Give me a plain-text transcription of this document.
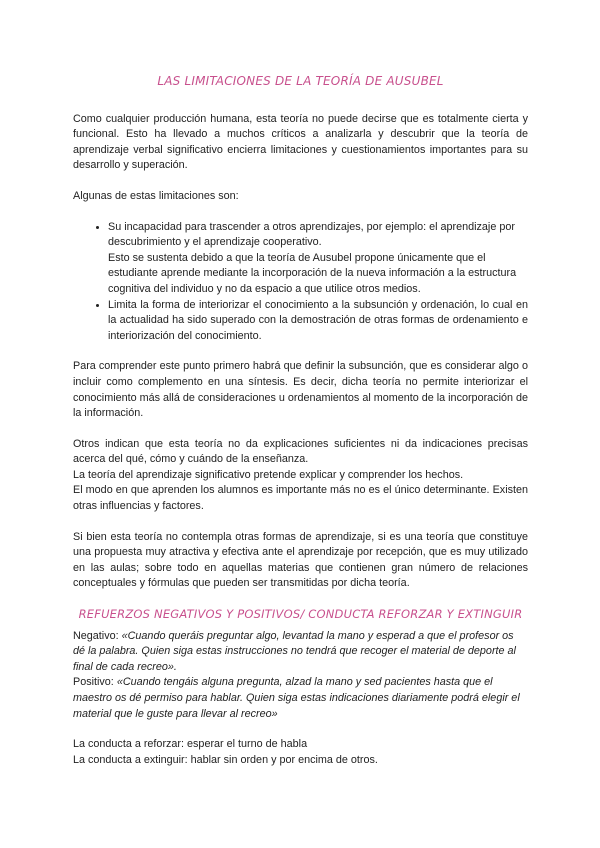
LAS LIMITACIONES DE LA TEORÍA DE AUSUBEL

Como cualquier producción humana, esta teoría no puede decirse que es totalmente cierta y funcional. Esto ha llevado a muchos críticos a analizarla y descubrir que la teoría de aprendizaje verbal significativo encierra limitaciones y cuestionamientos importantes para su desarrollo y superación.

Algunas de estas limitaciones son:

• Su incapacidad para trascender a otros aprendizajes, por ejemplo: el aprendizaje por descubrimiento y el aprendizaje cooperativo.
Esto se sustenta debido a que la teoría de Ausubel propone únicamente que el estudiante aprende mediante la incorporación de la nueva información a la estructura cognitiva del individuo y no da espacio a que utilice otros medios.
• Limita la forma de interiorizar el conocimiento a la subsunción y ordenación, lo cual en la actualidad ha sido superado con la demostración de otras formas de ordenamiento e interiorización del conocimiento.

Para comprender este punto primero habrá que definir la subsunción, que es considerar algo o incluir como complemento en una síntesis. Es decir, dicha teoría no permite interiorizar el conocimiento más allá de consideraciones u ordenamientos al momento de la incorporación de la información.

Otros indican que esta teoría no da explicaciones suficientes ni da indicaciones precisas acerca del qué, cómo y cuándo de la enseñanza.
La teoría del aprendizaje significativo pretende explicar y comprender los hechos.
El modo en que aprenden los alumnos es importante más no es el único determinante. Existen otras influencias y factores.

Si bien esta teoría no contempla otras formas de aprendizaje, si es una teoría que constituye una propuesta muy atractiva y efectiva ante el aprendizaje por recepción, que es muy utilizado en las aulas; sobre todo en aquellas materias que contienen gran número de relaciones conceptuales y fórmulas que pueden ser transmitidas por dicha teoría.

REFUERZOS NEGATIVOS Y POSITIVOS/ CONDUCTA REFORZAR Y EXTINGUIR
Negativo: «Cuando queráis preguntar algo, levantad la mano y esperad a que el profesor os dé la palabra. Quien siga estas instrucciones no tendrá que recoger el material de deporte al final de cada recreo».
Positivo: «Cuando tengáis alguna pregunta, alzad la mano y sed pacientes hasta que el maestro os dé permiso para hablar. Quien siga estas indicaciones diariamente podrá elegir el material que le guste para llevar al recreo»
La conducta a reforzar: esperar el turno de habla
La conducta a extinguir: hablar sin orden y por encima de otros.
